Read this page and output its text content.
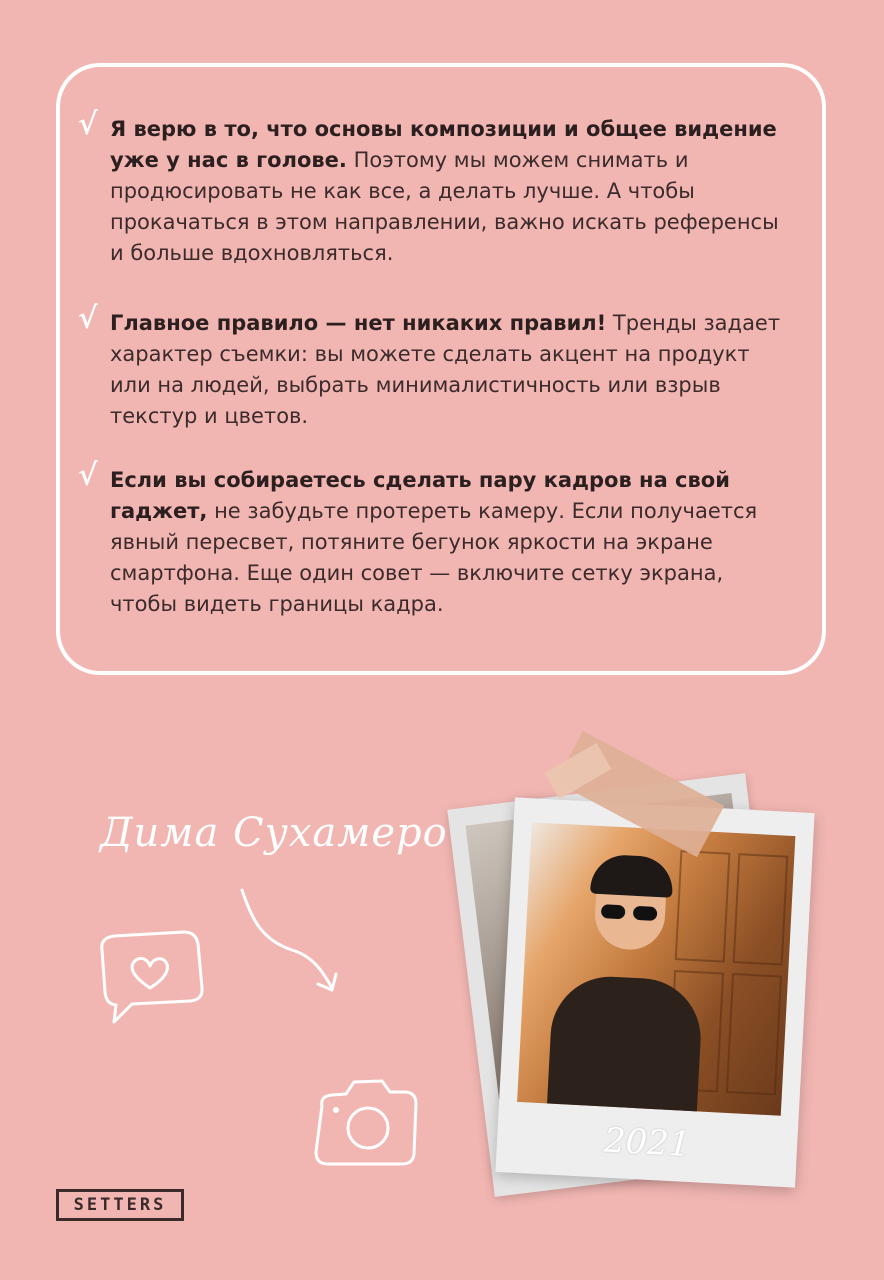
√ Я верю в то, что основы композиции и общее видение уже у нас в голове. Поэтому мы можем снимать и продюсировать не как все, а делать лучше. А чтобы прокачаться в этом направлении, важно искать референсы и больше вдохновляться.

√ Главное правило — нет никаких правил! Тренды задает характер съемки: вы можете сделать акцент на продукт или на людей, выбрать минималистичность или взрыв текстур и цветов.

√ Если вы собираетесь сделать пару кадров на свой гаджет, не забудьте протереть камеру. Если получается явный пересвет, потяните бегунок яркости на экране смартфона. Еще один совет — включите сетку экрана, чтобы видеть границы кадра.

Дима Сухамеро
2021
SETTERS
